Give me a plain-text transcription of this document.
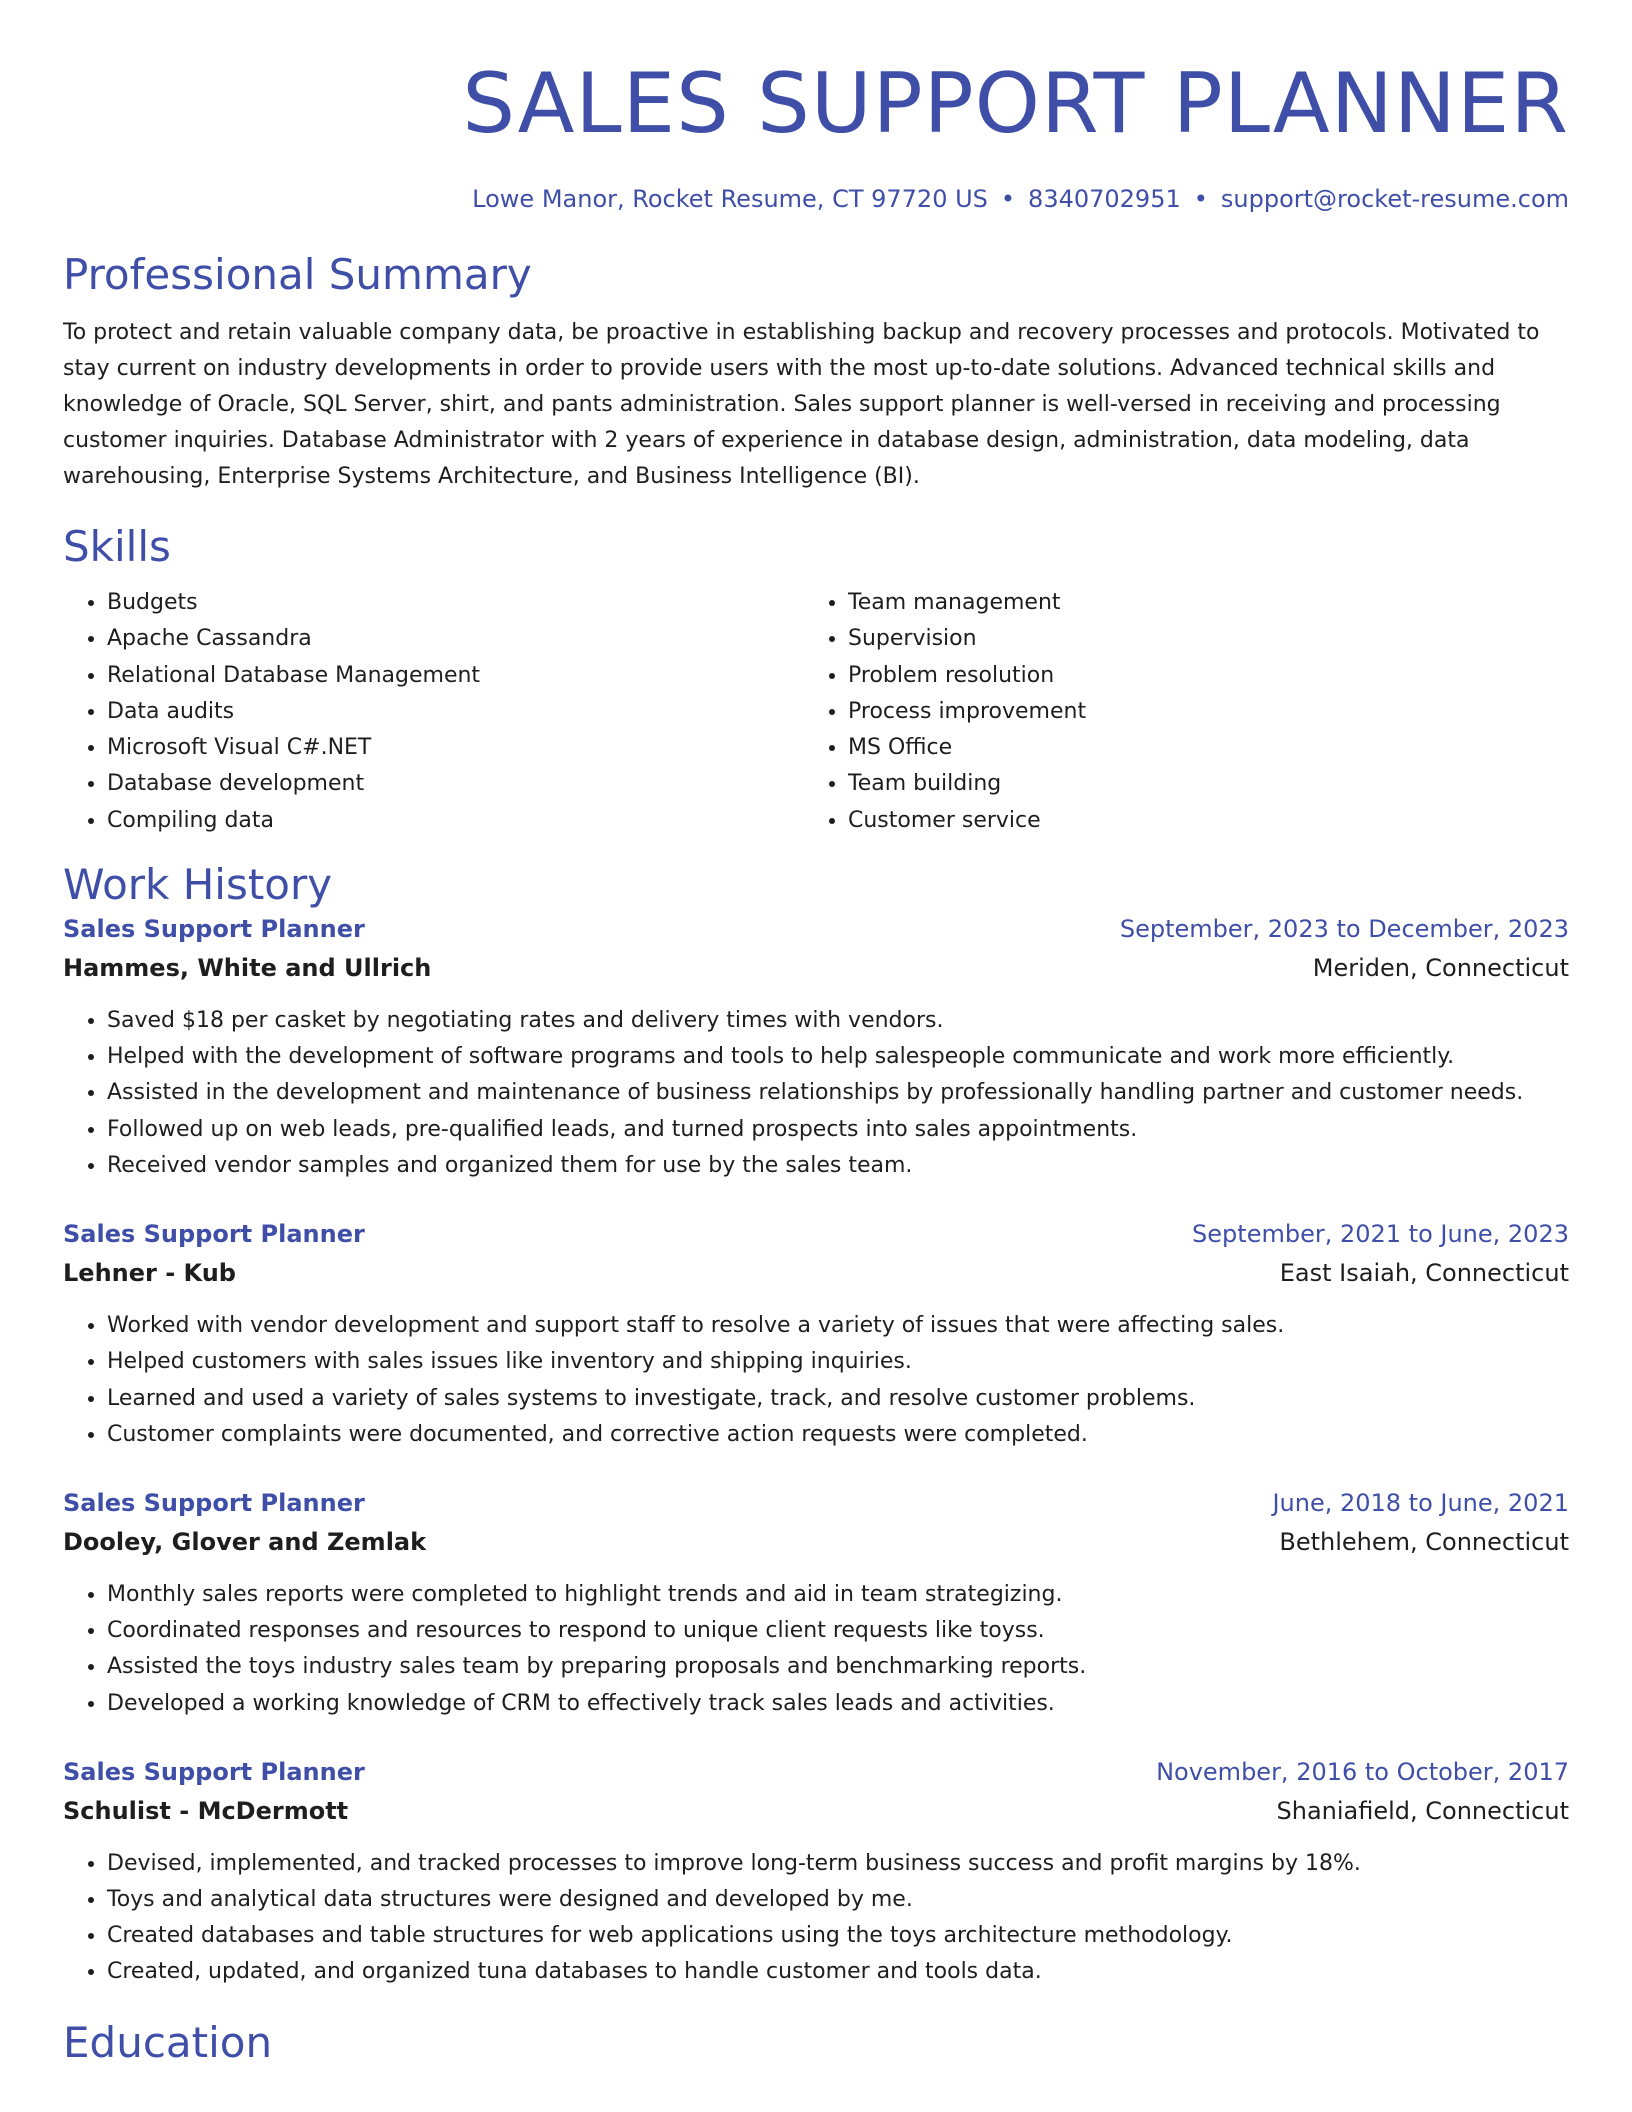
SALES SUPPORT PLANNER
Lowe Manor, Rocket Resume, CT 97720 US • 8340702951 • support@rocket-resume.com
Professional Summary

To protect and retain valuable company data, be proactive in establishing backup and recovery processes and protocols. Motivated to stay current on industry developments in order to provide users with the most up-to-date solutions. Advanced technical skills and knowledge of Oracle, SQL Server, shirt, and pants administration. Sales support planner is well-versed in receiving and processing customer inquiries. Database Administrator with 2 years of experience in database design, administration, data modeling, data warehousing, Enterprise Systems Architecture, and Business Intelligence (BI).

Skills
• Budgets
• Apache Cassandra
• Relational Database Management
• Data audits
• Microsoft Visual C#.NET
• Database development
• Compiling data
• Team management
• Supervision
• Problem resolution
• Process improvement
• MS Office
• Team building
• Customer service
Work History
Sales Support Planner	September, 2023 to December, 2023
Hammes, White and Ullrich	Meriden, Connecticut
• Saved $18 per casket by negotiating rates and delivery times with vendors.
• Helped with the development of software programs and tools to help salespeople communicate and work more efficiently.
• Assisted in the development and maintenance of business relationships by professionally handling partner and customer needs.
• Followed up on web leads, pre-qualified leads, and turned prospects into sales appointments.
• Received vendor samples and organized them for use by the sales team.
Sales Support Planner	September, 2021 to June, 2023
Lehner - Kub	East Isaiah, Connecticut
• Worked with vendor development and support staff to resolve a variety of issues that were affecting sales.
• Helped customers with sales issues like inventory and shipping inquiries.
• Learned and used a variety of sales systems to investigate, track, and resolve customer problems.
• Customer complaints were documented, and corrective action requests were completed.
Sales Support Planner	June, 2018 to June, 2021
Dooley, Glover and Zemlak	Bethlehem, Connecticut
• Monthly sales reports were completed to highlight trends and aid in team strategizing.
• Coordinated responses and resources to respond to unique client requests like toyss.
• Assisted the toys industry sales team by preparing proposals and benchmarking reports.
• Developed a working knowledge of CRM to effectively track sales leads and activities.
Sales Support Planner	November, 2016 to October, 2017
Schulist - McDermott	Shaniafield, Connecticut
• Devised, implemented, and tracked processes to improve long-term business success and profit margins by 18%.
• Toys and analytical data structures were designed and developed by me.
• Created databases and table structures for web applications using the toys architecture methodology.
• Created, updated, and organized tuna databases to handle customer and tools data.
Education
